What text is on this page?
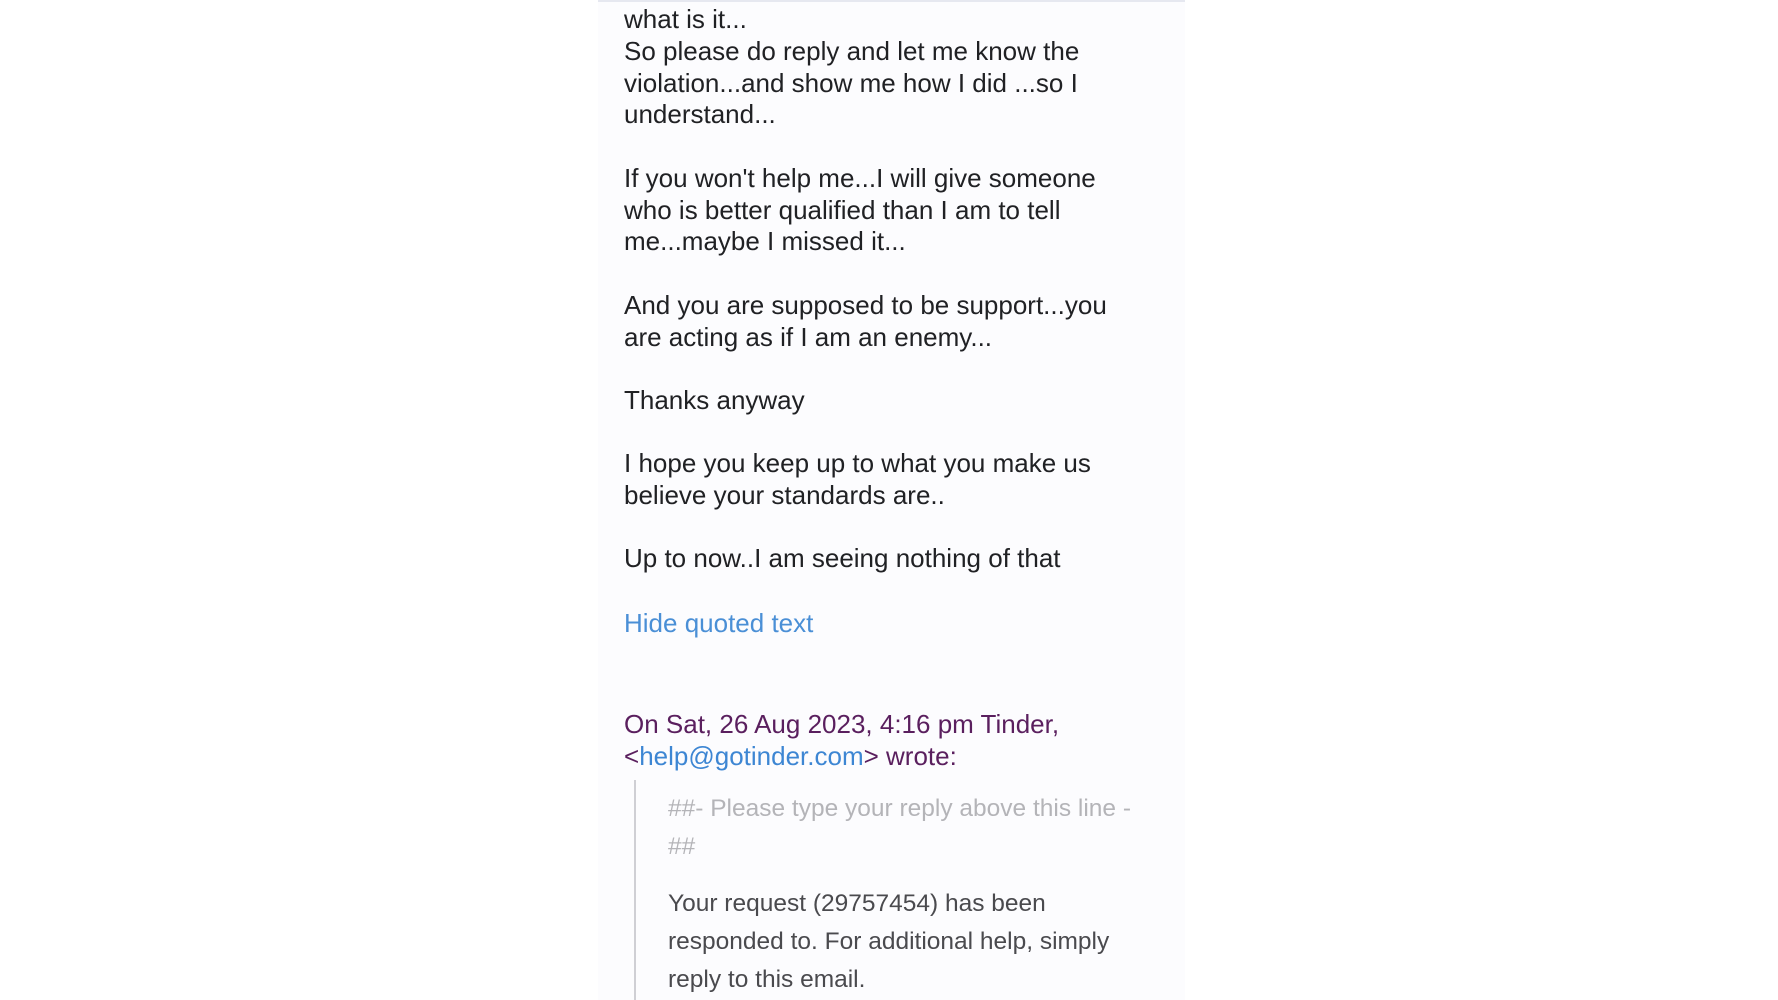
what is it...

So please do reply and let me know the violation...and show me how I did ...so I understand...

If you won't help me...I will give someone who is better qualified than I am to tell me...maybe I missed it...

And you are supposed to be support...you are acting as if I am an enemy...

Thanks anyway

I hope you keep up to what you make us believe your standards are..

Up to now..I am seeing nothing of that

Hide quoted text

On Sat, 26 Aug 2023, 4:16 pm Tinder, <help@gotinder.com> wrote:

##- Please type your reply above this line -##

Your request (29757454) has been responded to. For additional help, simply reply to this email.
